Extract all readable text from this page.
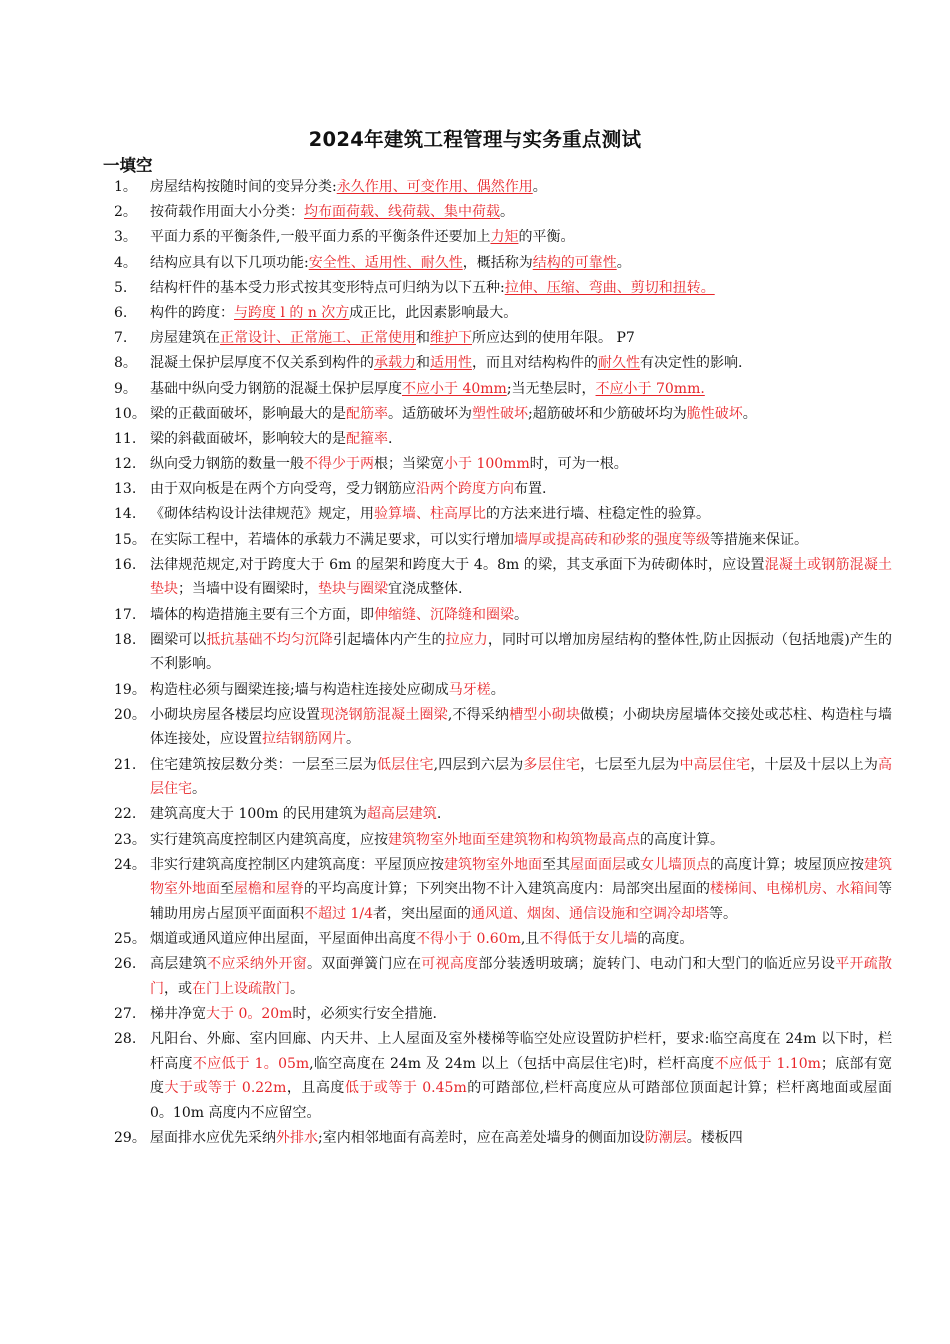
2024年建筑工程管理与实务重点测试
一填空
1。 房屋结构按随时间的变异分类:永久作用、可变作用、偶然作用。
2。 按荷载作用面大小分类：均布面荷载、线荷载、集中荷载。
3。 平面力系的平衡条件,一般平面力系的平衡条件还要加上力矩的平衡。
4。 结构应具有以下几项功能:安全性、适用性、耐久性，概括称为结构的可靠性。
5.	结构杆件的基本受力形式按其变形特点可归纳为以下五种:拉伸、压缩、弯曲、剪切和扭转。
6.	构件的跨度：与跨度 l 的 n 次方成正比，此因素影响最大。
7.	房屋建筑在正常设计、正常施工、正常使用和维护下所应达到的使用年限。 P7
8。 混凝土保护层厚度不仅关系到构件的承载力和适用性，而且对结构构件的耐久性有决定性的影响.
9。 基础中纵向受力钢筋的混凝土保护层厚度不应小于 40mm;当无垫层时，不应小于 70mm.
10。 梁的正截面破坏，影响最大的是配筋率。适筋破坏为塑性破坏;超筋破坏和少筋破坏均为脆性破坏。
11. 梁的斜截面破坏，影响较大的是配箍率.
12. 纵向受力钢筋的数量一般不得少于两根；当梁宽小于 100mm时，可为一根。
13. 由于双向板是在两个方向受弯，受力钢筋应沿两个跨度方向布置.
14. 《砌体结构设计法律规范》规定，用验算墙、柱高厚比的方法来进行墙、柱稳定性的验算。
15。 在实际工程中，若墙体的承载力不满足要求，可以实行增加墙厚或提高砖和砂浆的强度等级等措施来保证。
16. 法律规范规定,对于跨度大于 6m 的屋架和跨度大于 4。8m 的梁，其支承面下为砖砌体时，应设置混凝土或钢筋混凝土垫块；当墙中设有圈梁时，垫块与圈梁宜浇成整体.
17. 墙体的构造措施主要有三个方面，即伸缩缝、沉降缝和圈梁。
18. 圈梁可以抵抗基础不均匀沉降引起墙体内产生的拉应力，同时可以增加房屋结构的整体性,防止因振动（包括地震)产生的不利影响。
19。 构造柱必须与圈梁连接;墙与构造柱连接处应砌成马牙槎。
20。 小砌块房屋各楼层均应设置现浇钢筋混凝土圈梁,不得采纳槽型小砌块做模；小砌块房屋墙体交接处或芯柱、构造柱与墙体连接处，应设置拉结钢筋网片。
21. 住宅建筑按层数分类：一层至三层为低层住宅,四层到六层为多层住宅，七层至九层为中高层住宅，十层及十层以上为高层住宅。
22. 建筑高度大于 100m 的民用建筑为超高层建筑.
23。 实行建筑高度控制区内建筑高度，应按建筑物室外地面至建筑物和构筑物最高点的高度计算。
24。 非实行建筑高度控制区内建筑高度：平屋顶应按建筑物室外地面至其屋面面层或女儿墙顶点的高度计算；坡屋顶应按建筑物室外地面至屋檐和屋脊的平均高度计算；下列突出物不计入建筑高度内：局部突出屋面的楼梯间、电梯机房、水箱间等辅助用房占屋顶平面面积不超过 1/4者，突出屋面的通风道、烟囱、通信设施和空调冷却塔等。
25。 烟道或通风道应伸出屋面，平屋面伸出高度不得小于 0.60m,且不得低于女儿墙的高度。
26. 高层建筑不应采纳外开窗。双面弹簧门应在可视高度部分装透明玻璃；旋转门、电动门和大型门的临近应另设平开疏散门，或在门上设疏散门。
27. 梯井净宽大于 0。20m时，必须实行安全措施.
28. 凡阳台、外廊、室内回廊、内天井、上人屋面及室外楼梯等临空处应设置防护栏杆，要求:临空高度在 24m 以下时，栏杆高度不应低于 1。05m,临空高度在 24m 及 24m 以上（包括中高层住宅)时，栏杆高度不应低于 1.10m；底部有宽度大于或等于 0.22m，且高度低于或等于 0.45m的可踏部位,栏杆高度应从可踏部位顶面起计算；栏杆离地面或屋面 0。10m 高度内不应留空。
29。 屋面排水应优先采纳外排水;室内相邻地面有高差时，应在高差处墙身的侧面加设防潮层。楼板四
